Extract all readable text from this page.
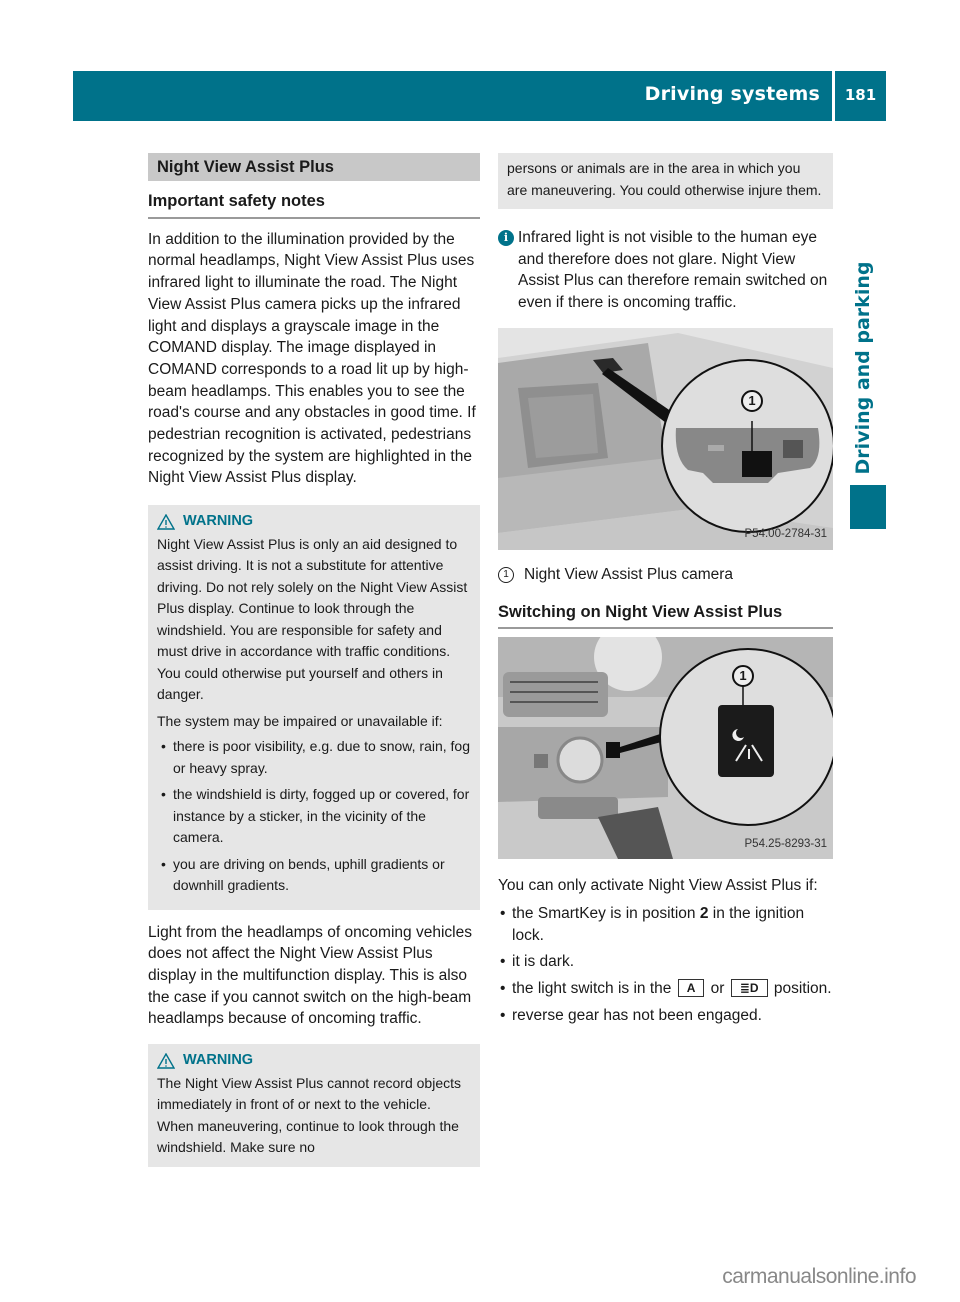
Driving systems	181
Driving and parking
Night View Assist Plus
Important safety notes

In addition to the illumination provided by the normal headlamps, Night View Assist Plus uses infrared light to illuminate the road. The Night View Assist Plus camera picks up the infrared light and displays a grayscale image in the COMAND display. The image displayed in COMAND corresponds to a road lit up by high-beam headlamps. This enables you to see the road's course and any obstacles in good time. If pedestrian recognition is activated, pedestrians recognized by the system are highlighted in the Night View Assist Plus display.

WARNING

Night View Assist Plus is only an aid designed to assist driving. It is not a substitute for attentive driving. Do not rely solely on the Night View Assist Plus display. Continue to look through the windshield. You are responsible for safety and must drive in accordance with traffic conditions. You could otherwise put yourself and others in danger.

The system may be impaired or unavailable if:

• there is poor visibility, e.g. due to snow, rain, fog or heavy spray.
• the windshield is dirty, fogged up or covered, for instance by a sticker, in the vicinity of the camera.
• you are driving on bends, uphill gradients or downhill gradients.

Light from the headlamps of oncoming vehicles does not affect the Night View Assist Plus display in the multifunction display. This is also the case if you cannot switch on the high-beam headlamps because of oncoming traffic.

WARNING

The Night View Assist Plus cannot record objects immediately in front of or next to the vehicle. When maneuvering, continue to look through the windshield. Make sure no

persons or animals are in the area in which you are maneuvering. You could otherwise injure them.

i Infrared light is not visible to the human eye and therefore does not glare. Night View Assist Plus can therefore remain switched on even if there is oncoming traffic.
1
P54.00-2784-31
1 Night View Assist Plus camera
Switching on Night View Assist Plus
1
P54.25-8293-31

You can only activate Night View Assist Plus if:

• the SmartKey is in position 2 in the ignition lock.
• it is dark.
• the light switch is in the A or ≣D position.
• reverse gear has not been engaged.
carmanualsonline.info
